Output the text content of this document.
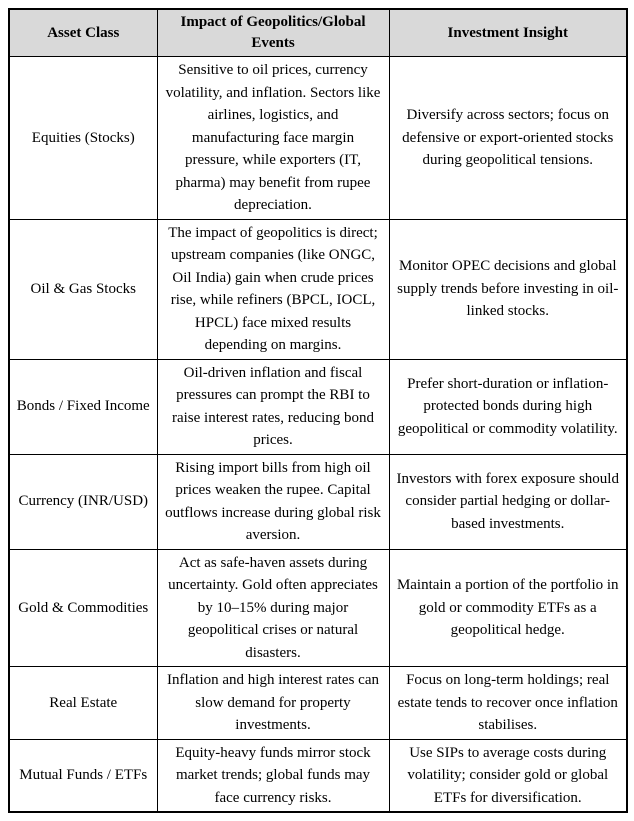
Asset Class	Impact of Geopolitics/Global Events	Investment Insight
Equities (Stocks)	Sensitive to oil prices, currency volatility, and inflation. Sectors like airlines, logistics, and manufacturing face margin pressure, while exporters (IT, pharma) may benefit from rupee depreciation.	Diversify across sectors; focus on defensive or export-oriented stocks during geopolitical tensions.
Oil & Gas Stocks	The impact of geopolitics is direct; upstream companies (like ONGC, Oil India) gain when crude prices rise, while refiners (BPCL, IOCL, HPCL) face mixed results depending on margins.	Monitor OPEC decisions and global supply trends before investing in oil-linked stocks.
Bonds / Fixed Income	Oil-driven inflation and fiscal pressures can prompt the RBI to raise interest rates, reducing bond prices.	Prefer short-duration or inflation-protected bonds during high geopolitical or commodity volatility.
Currency (INR/USD)	Rising import bills from high oil prices weaken the rupee. Capital outflows increase during global risk aversion.	Investors with forex exposure should consider partial hedging or dollar-based investments.
Gold & Commodities	Act as safe-haven assets during uncertainty. Gold often appreciates by 10–15% during major geopolitical crises or natural disasters.	Maintain a portion of the portfolio in gold or commodity ETFs as a geopolitical hedge.
Real Estate	Inflation and high interest rates can slow demand for property investments.	Focus on long-term holdings; real estate tends to recover once inflation stabilises.
Mutual Funds / ETFs	Equity-heavy funds mirror stock market trends; global funds may face currency risks.	Use SIPs to average costs during volatility; consider gold or global ETFs for diversification.
